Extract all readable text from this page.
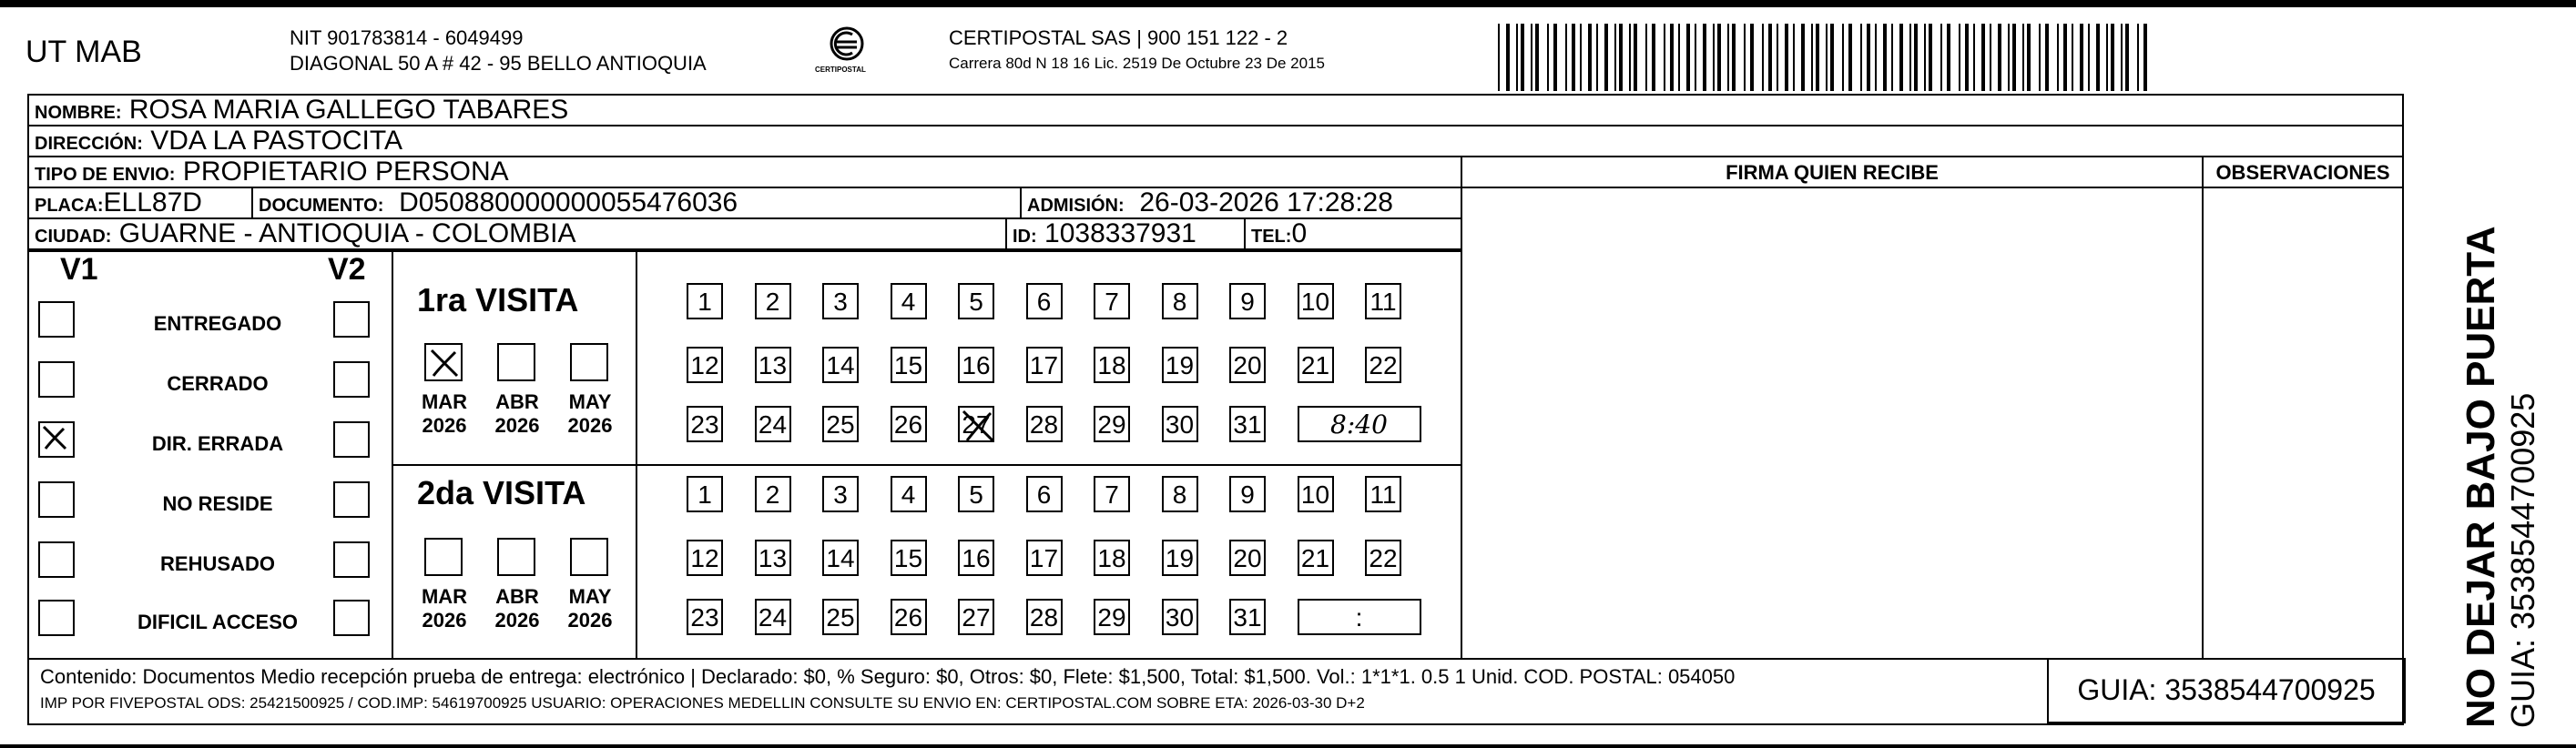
UT MAB	NIT 901783814 - 6049499
DIAGONAL 50 A # 42 - 95 BELLO ANTIOQUIA	CERTIPOSTAL
CERTIPOSTAL SAS | 900 151 122 - 2
Carrera 80d N 18 16 Lic. 2519 De Octubre 23 De 2015
NOMBRE: ROSA MARIA GALLEGO TABARES
DIRECCIÓN: VDA LA PASTOCITA
TIPO DE ENVIO: PROPIETARIO PERSONA
PLACA:ELL87D	DOCUMENTO: D050880000000055476036	ADMISIÓN: 26-03-2026 17:28:28
CIUDAD: GUARNE - ANTIOQUIA - COLOMBIA	ID: 1038337931	TEL:0
FIRMA QUIEN RECIBE	OBSERVACIONES
V1	V2
ENTREGADO
CERRADO
DIR. ERRADA
NO RESIDE
REHUSADO
DIFICIL ACCESO
1ra VISITA
2da VISITA
MAR
2026
ABR
2026
MAY
2026
MAR
2026
ABR
2026
MAY
2026
1	2	3	4	5	6	7	8	9	10 11
12 13 14 15 16 17 18 19 20 21 22
23 24 25 26 27 28 29 30 31	8:40
1	2	3	4	5	6	7	8	9	10 11
12 13 14 15 16 17 18 19 20 21 22
23 24 25 26 27 28 29 30 31	:
Contenido: Documentos Medio recepción prueba de entrega: electrónico | Declarado: $0, % Seguro: $0, Otros: $0, Flete: $1,500, Total: $1,500. Vol.: 1*1*1. 0.5 1 Unid. COD. POSTAL: 054050
IMP POR FIVEPOSTAL ODS: 25421500925 / COD.IMP: 54619700925 USUARIO: OPERACIONES MEDELLIN CONSULTE SU ENVIO EN: CERTIPOSTAL.COM SOBRE ETA: 2026-03-30 D+2	GUIA: 3538544700925	NO DEJAR BAJO PUERTA GUIA: 3538544700925
